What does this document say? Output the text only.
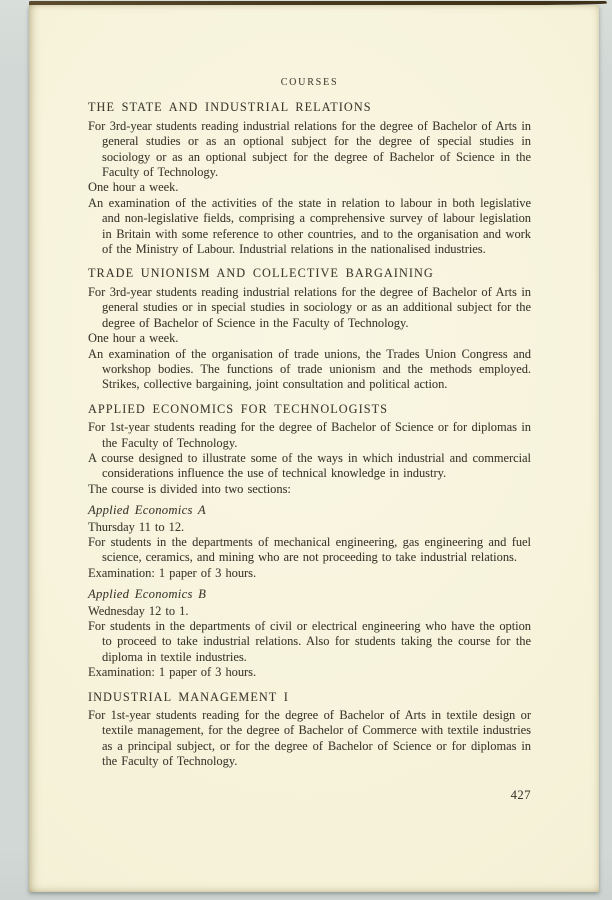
COURSES
THE STATE AND INDUSTRIAL RELATIONS

For 3rd-year students reading industrial relations for the degree of Bachelor of Arts in general studies or as an optional subject for the degree of special studies in sociology or as an optional subject for the degree of Bachelor of Science in the Faculty of Technology.

One hour a week.

An examination of the activities of the state in relation to labour in both legislative and non-legislative fields, comprising a comprehensive survey of labour legislation in Britain with some reference to other countries, and to the organisation and work of the Ministry of Labour. Industrial relations in the nationalised industries.

TRADE UNIONISM AND COLLECTIVE BARGAINING

For 3rd-year students reading industrial relations for the degree of Bachelor of Arts in general studies or in special studies in sociology or as an additional subject for the degree of Bachelor of Science in the Faculty of Technology.

One hour a week.

An examination of the organisation of trade unions, the Trades Union Congress and workshop bodies. The functions of trade unionism and the methods employed. Strikes, collective bargaining, joint consultation and political action.

APPLIED ECONOMICS FOR TECHNOLOGISTS

For 1st-year students reading for the degree of Bachelor of Science or for diplomas in the Faculty of Technology.

A course designed to illustrate some of the ways in which industrial and commercial considerations influence the use of technical knowledge in industry.

The course is divided into two sections:

Applied Economics A

Thursday 11 to 12.

For students in the departments of mechanical engineering, gas engineering and fuel science, ceramics, and mining who are not proceeding to take industrial relations.

Examination: 1 paper of 3 hours.

Applied Economics B

Wednesday 12 to 1.

For students in the departments of civil or electrical engineering who have the option to proceed to take industrial relations. Also for students taking the course for the diploma in textile industries.

Examination: 1 paper of 3 hours.

INDUSTRIAL MANAGEMENT I

For 1st-year students reading for the degree of Bachelor of Arts in textile design or textile management, for the degree of Bachelor of Commerce with textile industries as a principal subject, or for the degree of Bachelor of Science or for diplomas in the Faculty of Technology.

427
